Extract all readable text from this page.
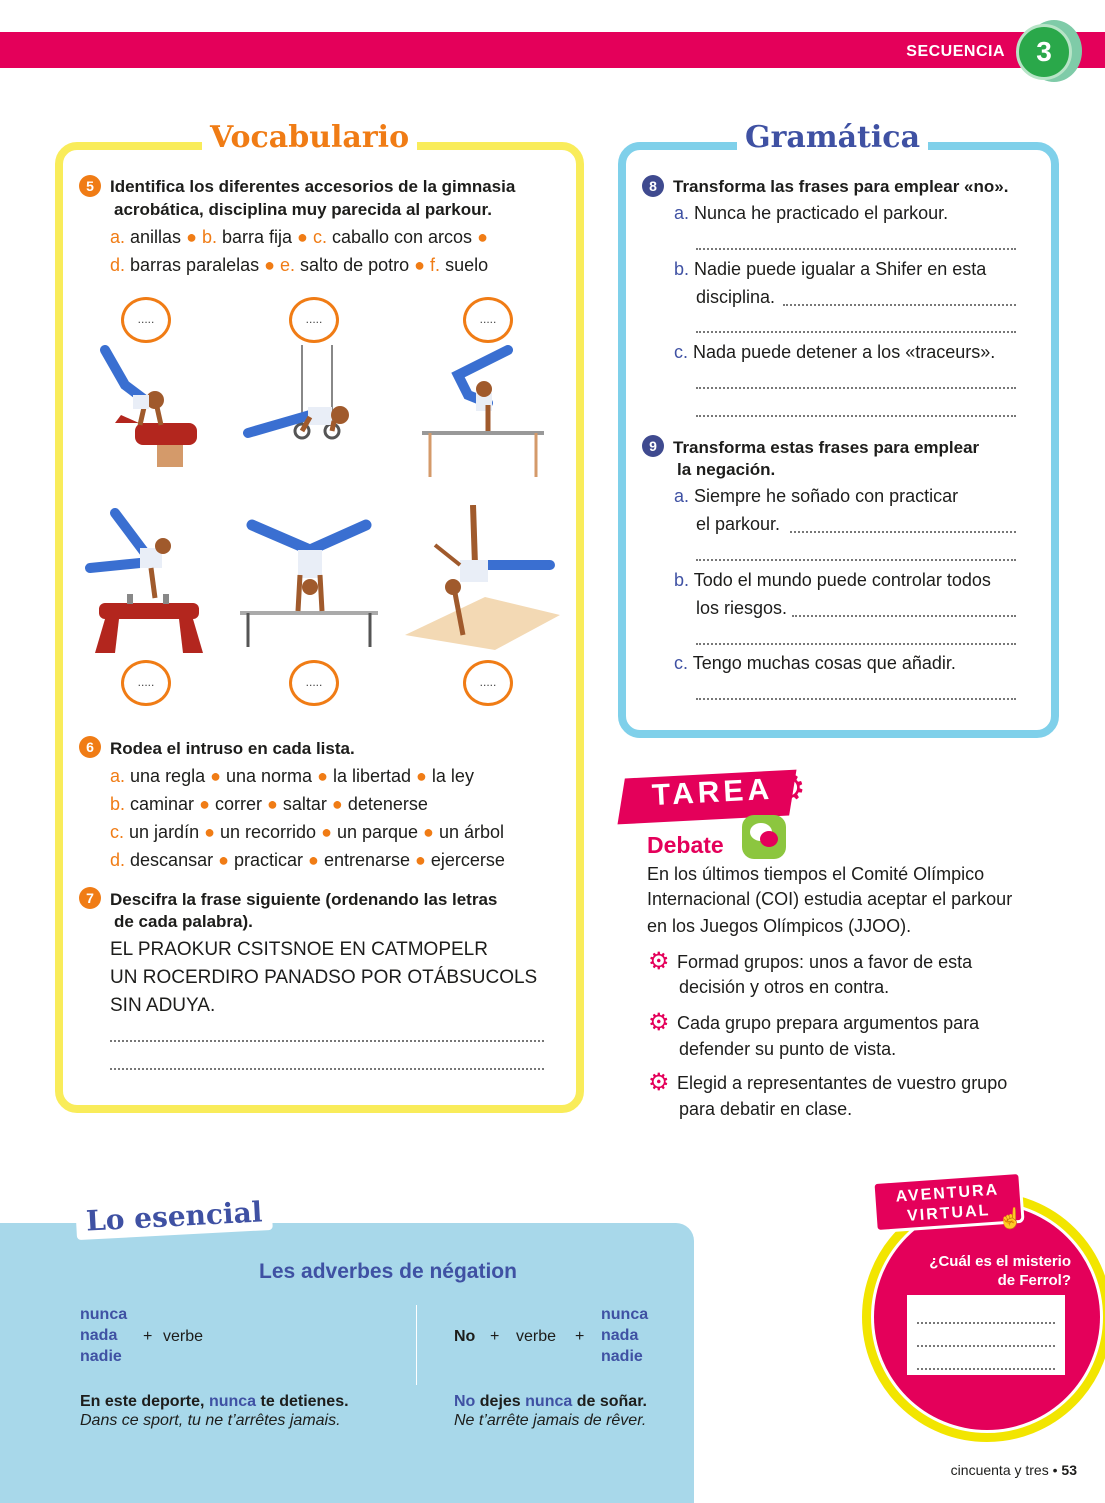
SECUENCIA	3
Vocabulario
5 Identifica los diferentes accesorios de la gimnasia
acrobática, disciplina muy parecida al parkour.
a. anillas ● b. barra fija ● c. caballo con arcos ●
d. barras paralelas ● e. salto de potro ● f. suelo
.....	.....	.....
.....	.....	.....
6 Rodea el intruso en cada lista.
a. una regla ● una norma ● la libertad ● la ley
b. caminar ● correr ● saltar ● detenerse
c. un jardín ● un recorrido ● un parque ● un árbol
d. descansar ● practicar ● entrenarse ● ejercerse
7 Descifra la frase siguiente (ordenando las letras
de cada palabra).
EL PRAOKUR CSITSNOE EN CATMOPELR
UN ROCERDIRO PANADSO POR OTÁBSUCOLS
SIN ADUYA.
Gramática
8 Transforma las frases para emplear «no».
a. Nunca he practicado el parkour.
b. Nadie puede igualar a Shifer en esta
disciplina.
c. Nada puede detener a los «traceurs».
9 Transforma estas frases para emplear
la negación.
a. Siempre he soñado con practicar
el parkour.
b. Todo el mundo puede controlar todos
los riesgos.
c. Tengo muchas cosas que añadir.
TAREA
⚙
Debate
En los últimos tiempos el Comité Olímpico
Internacional (COI) estudia aceptar el parkour
en los Juegos Olímpicos (JJOO).
⚙ Formad grupos: unos a favor de esta
decisión y otros en contra.
⚙ Cada grupo prepara argumentos para
defender su punto de vista.
⚙ Elegid a representantes de vuestro grupo
para debatir en clase.
Lo esencial
Les adverbes de négation
nunca
nada
nadie
+ verbe	No + verbe +
nunca
nada
nadie
En este deporte, nunca te detienes.
Dans ce sport, tu ne t’arrêtes jamais.
No dejes nunca de soñar.
Ne t’arrête jamais de rêver.
AVENTURA
VIRTUAL ☝
¿Cuál es el misterio
de Ferrol?
cincuenta y tres • 53
